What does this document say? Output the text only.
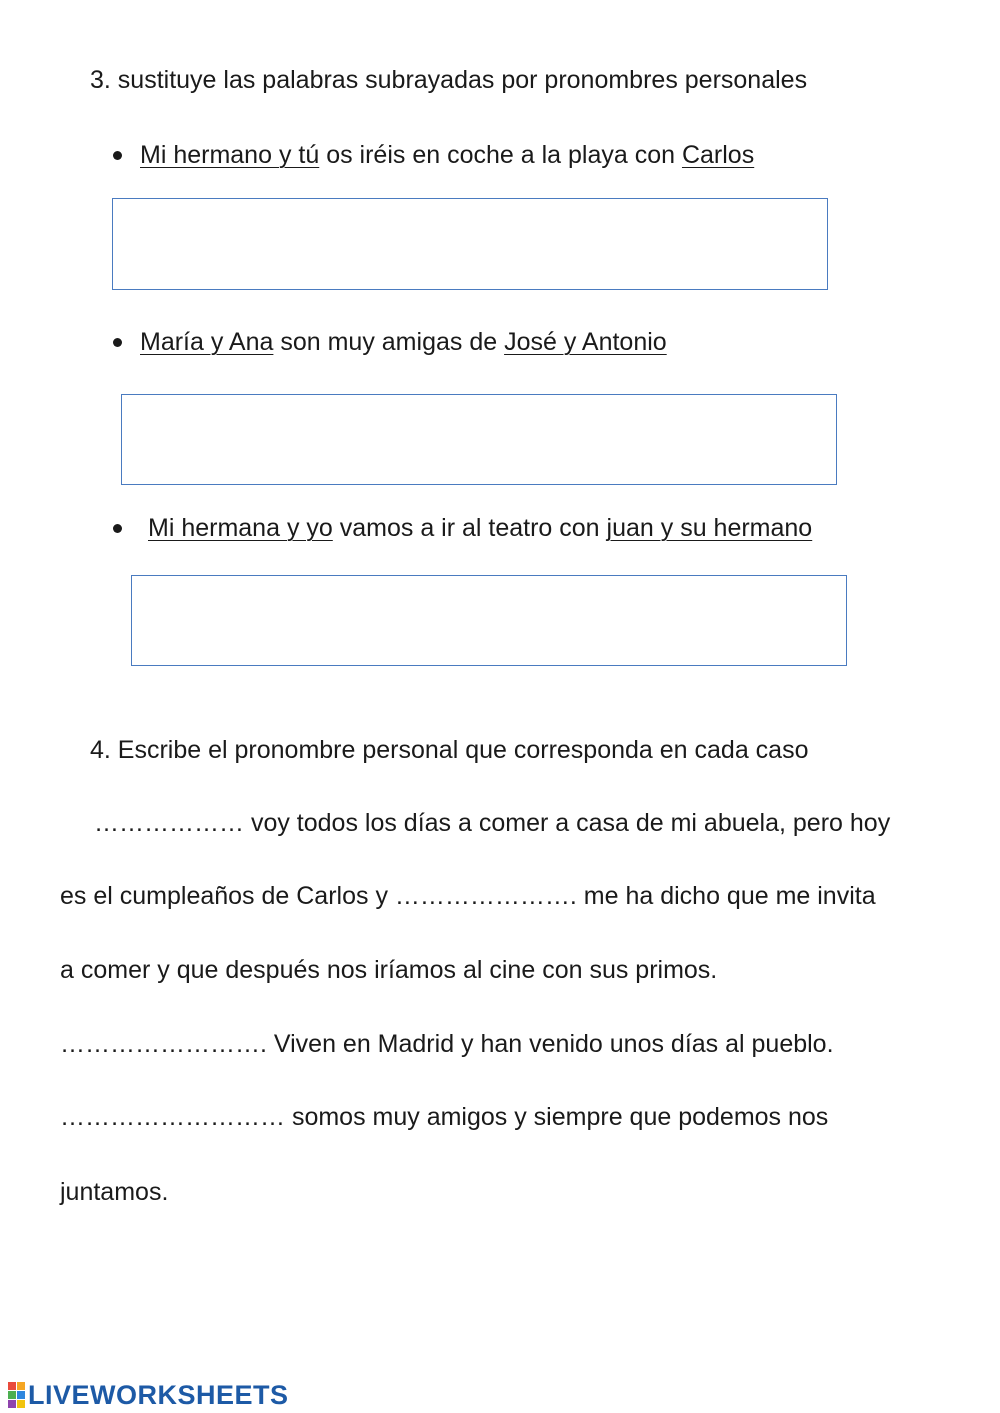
3. sustituye las palabras subrayadas por pronombres personales
Mi hermano y tú os iréis en coche a la playa con Carlos
María y Ana son muy amigas de José y Antonio
Mi hermana y yo vamos a ir al teatro con juan y su hermano
4. Escribe el pronombre personal que corresponda en cada caso
……………… voy todos los días a comer a casa de mi abuela, pero hoy
es el cumpleaños de Carlos y …………………. me ha dicho que me invita
a comer y que después nos iríamos al cine con sus primos.
……………………. Viven en Madrid y han venido unos días al pueblo.
……………………… somos muy amigos y siempre que podemos nos
juntamos.
LIVEWORKSHEETS
